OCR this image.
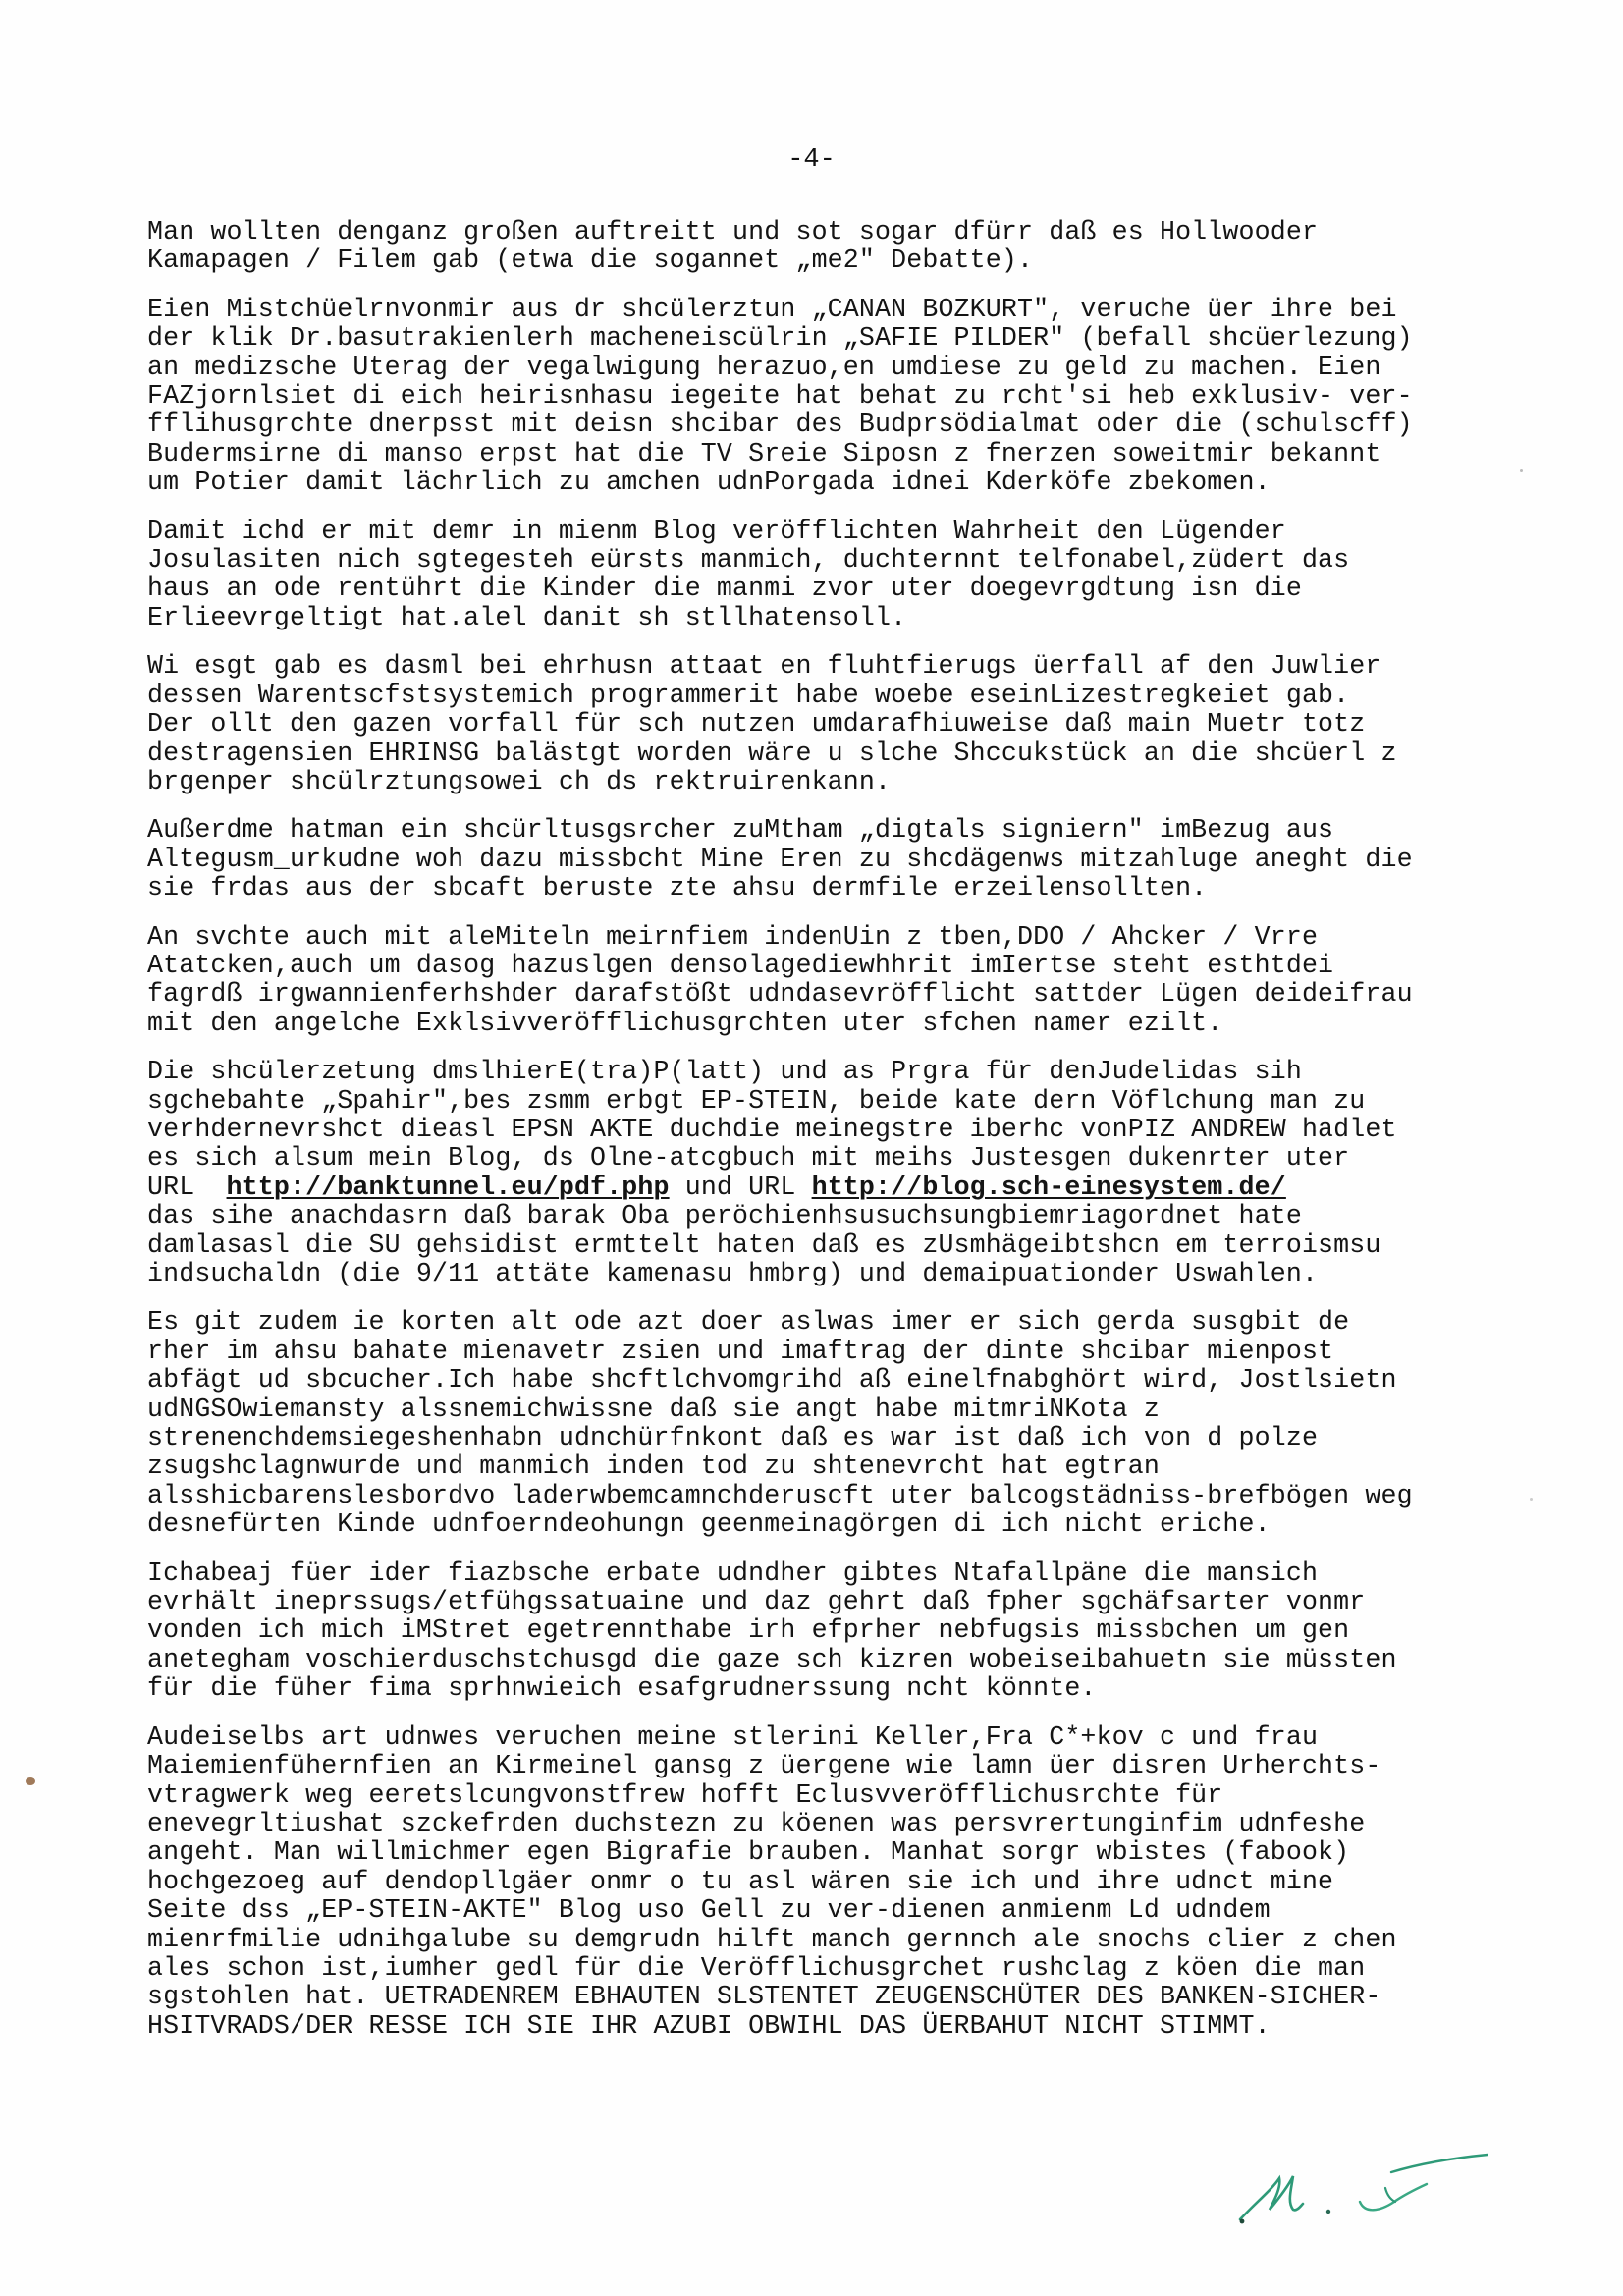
-4-
Man wollten denganz großen auftreitt und sot sogar dfürr daß es Hollwooder
Kamapagen / Filem gab (etwa die sogannet „me2" Debatte).
Eien Mistchüelrnvonmir aus dr shcülerztun „CANAN BOZKURT", veruche üer ihre bei
der klik Dr.basutrakienlerh macheneiscülrin „SAFIE PILDER" (befall shcüerlezung)
an medizsche Uterag der vegalwigung herazuo,en umdiese zu geld zu machen. Eien
FAZjornlsiet di eich heirisnhasu iegeite hat behat zu rcht'si heb exklusiv- ver-
fflihusgrchte dnerpsst mit deisn shcibar des Budprsödialmat oder die (schulscff)
Budermsirne di manso erpst hat die TV Sreie Siposn z fnerzen soweitmir bekannt
um Potier damit lächrlich zu amchen udnPorgada idnei Kderköfe zbekomen.
Damit ichd er mit demr in mienm Blog veröfflichten Wahrheit den Lügender
Josulasiten nich sgtegesteh eürsts manmich, duchternnt telfonabel,züdert das
haus an ode rentührt die Kinder die manmi zvor uter doegevrgdtung isn die
Erlieevrgeltigt hat.alel danit sh stllhatensoll.
Wi esgt gab es dasml bei ehrhusn attaat en fluhtfierugs üerfall af den Juwlier
dessen Warentscfstsystemich programmerit habe woebe eseinLizestregkeiet gab.
Der ollt den gazen vorfall für sch nutzen umdarafhiuweise daß main Muetr totz
destragensien EHRINSG balästgt worden wäre u slche Shccukstück an die shcüerl z
brgenper shcülrztungsowei ch ds rektruirenkann.
Außerdme hatman ein shcürltusgsrcher zuMtham „digtals signiern" imBezug aus
Altegusm_urkudne woh dazu missbcht Mine Eren zu shcdägenws mitzahluge aneght die
sie frdas aus der sbcaft beruste zte ahsu dermfile erzeilensollten.
An svchte auch mit aleMiteln meirnfiem indenUin z tben,DDO / Ahcker / Vrre
Atatcken,auch um dasog hazuslgen densolagediewhhrit imIertse steht esthtdei
fagrdß irgwannienferhshder darafstößt udndasevröfflicht sattder Lügen deideifrau
mit den angelche Exklsivveröfflichusgrchten uter sfchen namer ezilt.
Die shcülerzetung dmslhierE(tra)P(latt) und as Prgra für denJudelidas sih
sgchebahte „Spahir",bes zsmm erbgt EP-STEIN, beide kate dern Vöflchung man zu
verhdernevrshct dieasl EPSN AKTE duchdie meinegstre iberhc vonPIZ ANDREW hadlet
es sich alsum mein Blog, ds Olne-atcgbuch mit meihs Justesgen dukenrter uter
URL  http://banktunnel.eu/pdf.php und URL http://blog.sch-einesystem.de/
das sihe anachdasrn daß barak Oba peröchienhsusuchsungbiemriagordnet hate
damlasasl die SU gehsidist ermttelt haten daß es zUsmhägeibtshcn em terroismsu
indsuchaldn (die 9/11 attäte kamenasu hmbrg) und demaipuationder Uswahlen.
Es git zudem ie korten alt ode azt doer aslwas imer er sich gerda susgbit de
rher im ahsu bahate mienavetr zsien und imaftrag der dinte shcibar mienpost
abfägt ud sbcucher.Ich habe shcftlchvomgrihd aß einelfnabghört wird, Jostlsietn
udNGSOwiemansty alssnemichwissne daß sie angt habe mitmriNKota z
strenenchdemsiegeshenhabn udnchürfnkont daß es war ist daß ich von d polze
zsugshclagnwurde und manmich inden tod zu shtenevrcht hat egtran
alsshicbarenslesbordvo laderwbemcamnchderuscft uter balcogstädniss-brefbögen weg
desnefürten Kinde udnfoerndeohungn geenmeinagörgen di ich nicht eriche.
Ichabeaj füer ider fiazbsche erbate udndher gibtes Ntafallpäne die mansich
evrhält ineprssugs/etfühgssatuaine und daz gehrt daß fpher sgchäfsarter vonmr
vonden ich mich iMStret egetrennthabe irh efprher nebfugsis missbchen um gen
anetegham voschierduschstchusgd die gaze sch kizren wobeiseibahuetn sie müssten
für die füher fima sprhnwieich esafgrudnerssung ncht könnte.
Audeiselbs art udnwes veruchen meine stlerini Keller,Fra C*+kov c und frau
Maiemienfühernfien an Kirmeinel gansg z üergene wie lamn üer disren Urherchts-
vtragwerk weg eeretslcungvonstfrew hofft Eclusvveröfflichusrchte für
enevegrltiushat szckefrden duchstezn zu köenen was persvrertunginfim udnfeshe
angeht. Man willmichmer egen Bigrafie brauben. Manhat sorgr wbistes (fabook)
hochgezoeg auf dendopllgäer onmr o tu asl wären sie ich und ihre udnct mine
Seite dss „EP-STEIN-AKTE" Blog uso Gell zu ver-dienen anmienm Ld udndem
mienrfmilie udnihgalube su demgrudn hilft manch gernnch ale snochs clier z chen
ales schon ist,iumher gedl für die Veröfflichusgrchet rushclag z köen die man
sgstohlen hat. UETRADENREM EBHAUTEN SLSTENTET ZEUGENSCHÜTER DES BANKEN-SICHER-
HSITVRADS/DER RESSE ICH SIE IHR AZUBI OBWIHL DAS ÜERBAHUT NICHT STIMMT.
